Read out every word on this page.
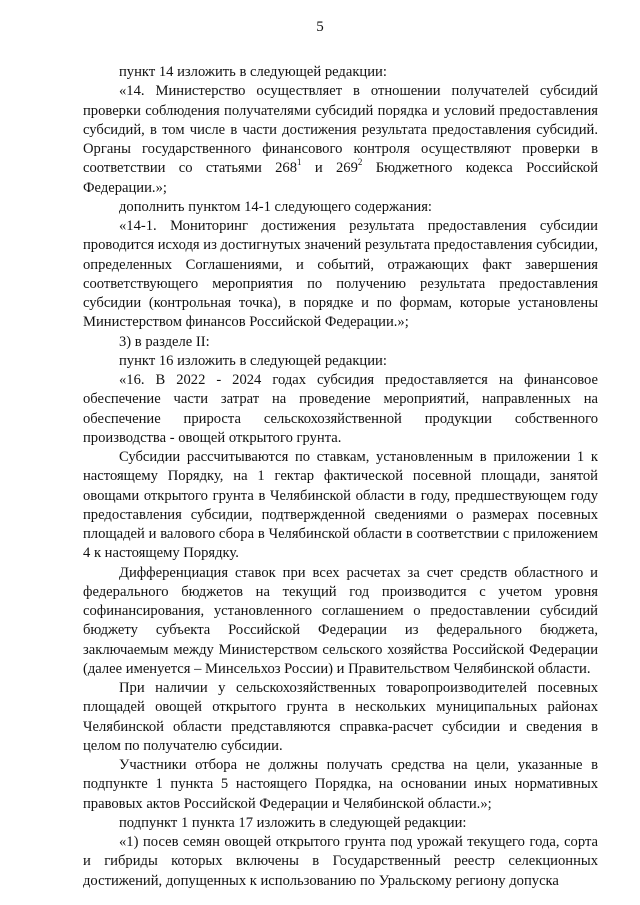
5

пункт 14 изложить в следующей редакции:

«14. Министерство осуществляет в отношении получателей субсидий проверки соблюдения получателями субсидий порядка и условий предоставления субсидий, в том числе в части достижения результата предоставления субсидий. Органы государственного финансового контроля осуществляют проверки в соответствии со статьями $268^1$ и $269^2$ Бюджетного кодекса Российской Федерации.»;

дополнить пунктом 14-1 следующего содержания:

«14-1. Мониторинг достижения результата предоставления субсидии проводится исходя из достигнутых значений результата предоставления субсидии, определенных Соглашениями, и событий, отражающих факт завершения соответствующего мероприятия по получению результата предоставления субсидии (контрольная точка), в порядке и по формам, которые установлены Министерством финансов Российской Федерации.»;

3) в разделе II:

пункт 16 изложить в следующей редакции:

«16. В 2022 - 2024 годах субсидия предоставляется на финансовое обеспечение части затрат на проведение мероприятий, направленных на обеспечение прироста сельскохозяйственной продукции собственного производства - овощей открытого грунта.

Субсидии рассчитываются по ставкам, установленным в приложении 1 к настоящему Порядку, на 1 гектар фактической посевной площади, занятой овощами открытого грунта в Челябинской области в году, предшествующем году предоставления субсидии, подтвержденной сведениями о размерах посевных площадей и валового сбора в Челябинской области в соответствии с приложением 4 к настоящему Порядку.

Дифференциация ставок при всех расчетах за счет средств областного и федерального бюджетов на текущий год производится с учетом уровня софинансирования, установленного соглашением о предоставлении субсидий бюджету субъекта Российской Федерации из федерального бюджета, заключаемым между Министерством сельского хозяйства Российской Федерации (далее именуется – Минсельхоз России) и Правительством Челябинской области.

При наличии у сельскохозяйственных товаропроизводителей посевных площадей овощей открытого грунта в нескольких муниципальных районах Челябинской области представляются справка-расчет субсидии и сведения в целом по получателю субсидии.

Участники отбора не должны получать средства на цели, указанные в подпункте 1 пункта 5 настоящего Порядка, на основании иных нормативных правовых актов Российской Федерации и Челябинской области.»;

подпункт 1 пункта 17 изложить в следующей редакции:

«1) посев семян овощей открытого грунта под урожай текущего года, сорта и гибриды которых включены в Государственный реестр селекционных достижений, допущенных к использованию по Уральскому региону допуска
